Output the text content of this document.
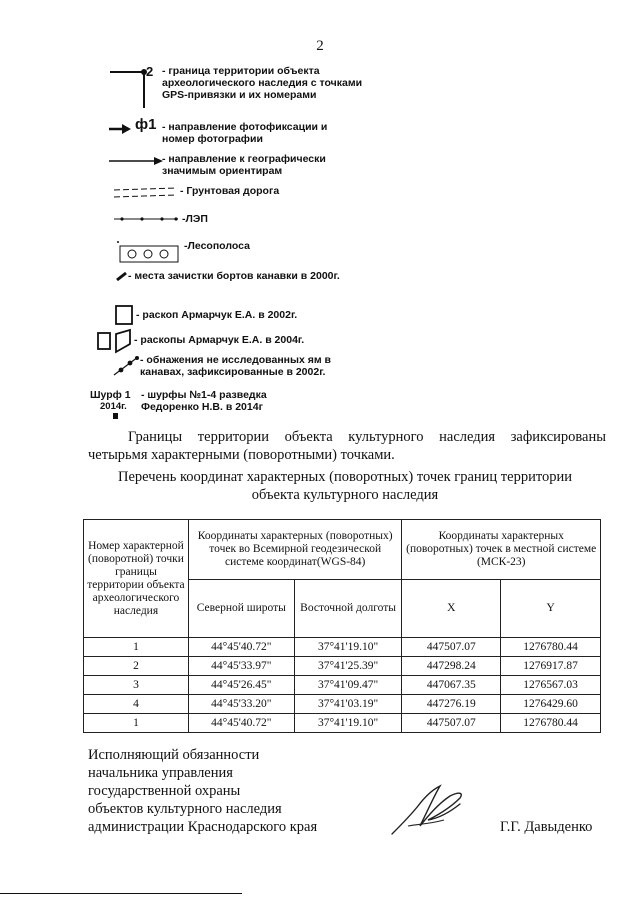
2
2 - граница территории объекта археологического наследия с точками GPS-привязки и их номерами
ф1 - направление фотофиксации и номер фотографии
- направление к географически значимым ориентирам
- Грунтовая дорога
-ЛЭП
-Лесополоса
- места зачистки бортов канавки в 2000г.
- раскоп Армарчук Е.А. в 2002г.
- раскопы Армарчук Е.А. в 2004г.
- обнажения не исследованных ям в канавах, зафиксированные в 2002г.
Шурф 1
2014г.
- шурфы №1-4 разведка Федоренко Н.В. в 2014г
Границы территории объекта культурного наследия зафиксированы четырьмя характерными (поворотными) точками.
Перечень координат характерных (поворотных) точек границ территории объекта культурного наследия
Номер характерной (поворотной) точки границы территории объекта археологического наследия	Координаты характерных (поворотных) точек во Всемирной геодезической системе координат(WGS-84)		Координаты характерных (поворотных) точек в местной системе (МСК-23)	
	Северной широты	Восточной долготы	X	Y
1	44°45'40.72"	37°41'19.10"	447507.07	1276780.44
2	44°45'33.97"	37°41'25.39"	447298.24	1276917.87
3	44°45'26.45"	37°41'09.47"	447067.35	1276567.03
4	44°45'33.20"	37°41'03.19"	447276.19	1276429.60
1	44°45'40.72"	37°41'19.10"	447507.07	1276780.44
Исполняющий обязанности
начальника управления
государственной охраны
объектов культурного наследия
администрации Краснодарского края	Г.Г. Давыденко
